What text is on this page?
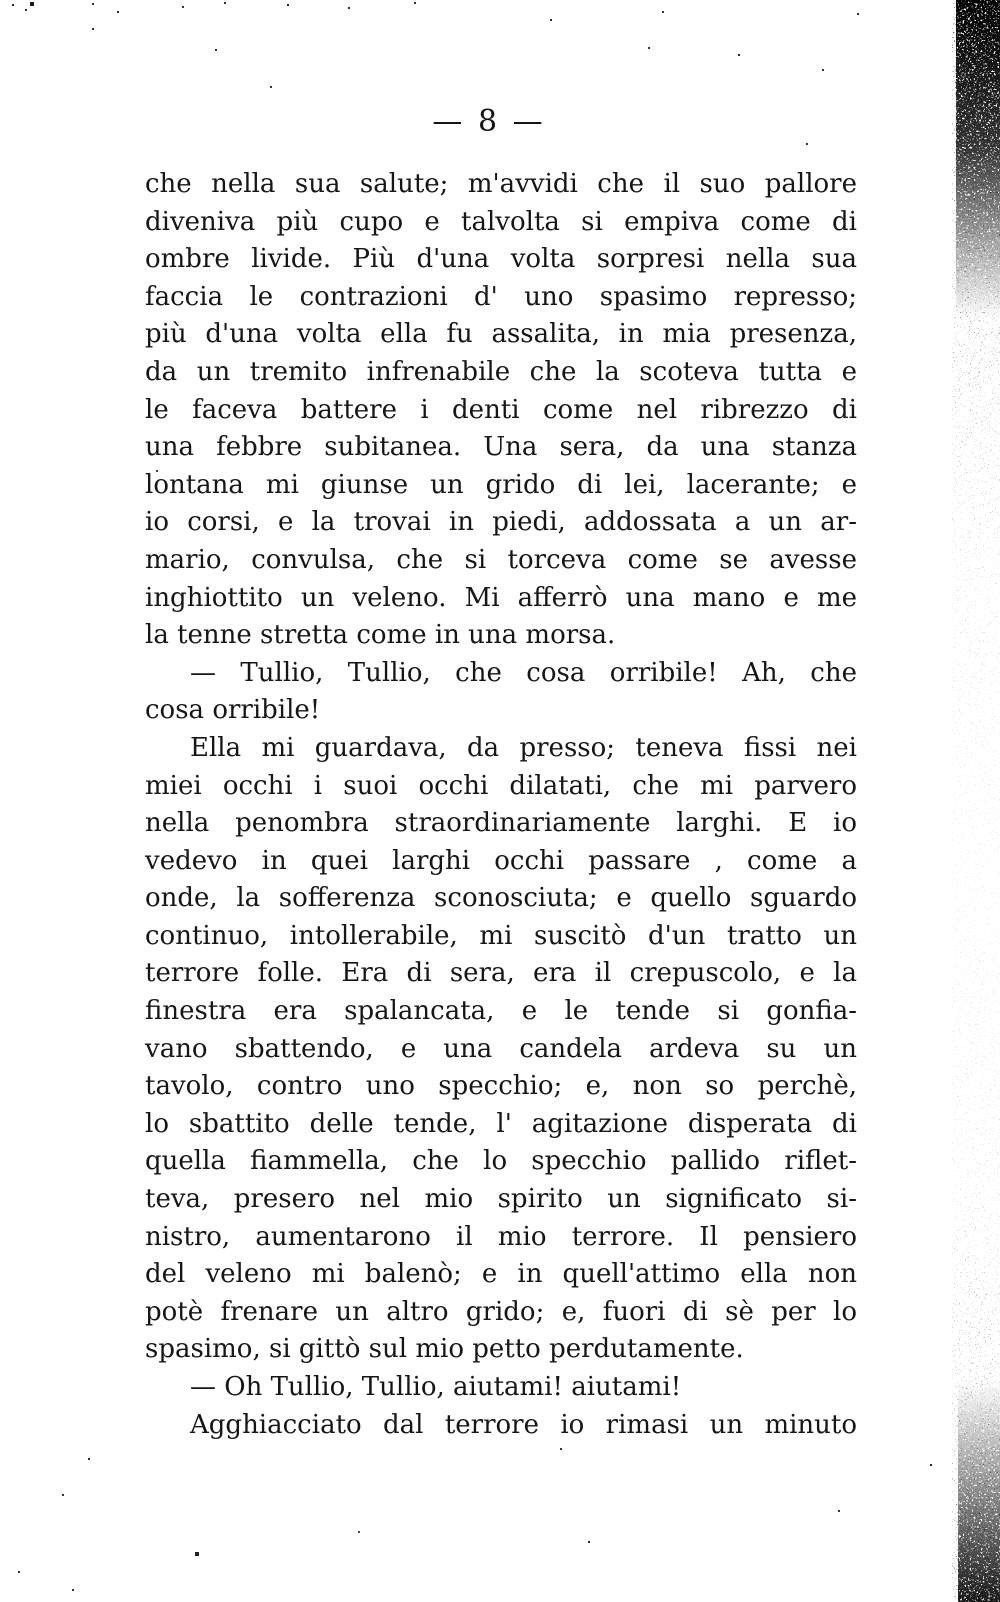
— 8 —
che nella sua salute; m'avvidi che il suo pallore
diveniva più cupo e talvolta si empiva come di
ombre livide. Più d'una volta sorpresi nella sua
faccia le contrazioni d' uno spasimo represso;
più d'una volta ella fu assalita, in mia presenza,
da un tremito infrenabile che la scoteva tutta e
le faceva battere i denti come nel ribrezzo di
una febbre subitanea. Una sera, da una stanza
lontana mi giunse un grido di lei, lacerante; e
io corsi, e la trovai in piedi, addossata a un ar-
mario, convulsa, che si torceva come se avesse
inghiottito un veleno. Mi afferrò una mano e me
la tenne stretta come in una morsa.
— Tullio, Tullio, che cosa orribile! Ah, che
cosa orribile!
Ella mi guardava, da presso; teneva fissi nei
miei occhi i suoi occhi dilatati, che mi parvero
nella penombra straordinariamente larghi. E io
vedevo in quei larghi occhi passare , come a
onde, la sofferenza sconosciuta; e quello sguardo
continuo, intollerabile, mi suscitò d'un tratto un
terrore folle. Era di sera, era il crepuscolo, e la
finestra era spalancata, e le tende si gonfia-
vano sbattendo, e una candela ardeva su un
tavolo, contro uno specchio; e, non so perchè,
lo sbattito delle tende, l' agitazione disperata di
quella fiammella, che lo specchio pallido riflet-
teva, presero nel mio spirito un significato si-
nistro, aumentarono il mio terrore. Il pensiero
del veleno mi balenò; e in quell'attimo ella non
potè frenare un altro grido; e, fuori di sè per lo
spasimo, si gittò sul mio petto perdutamente.
— Oh Tullio, Tullio, aiutami! aiutami!
Agghiacciato dal terrore io rimasi un minuto
